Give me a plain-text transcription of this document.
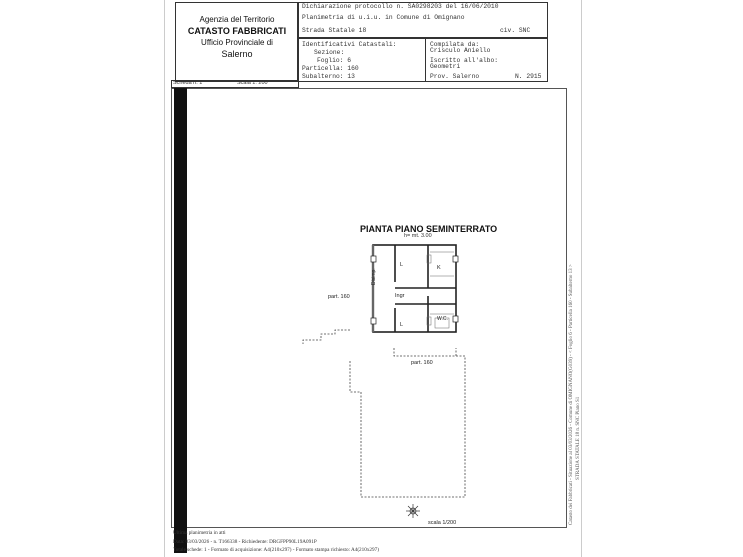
Agenzia del Territorio
CATASTO FABBRICATI
Ufficio Provinciale di
Salerno
Dichiarazione protocollo n. SA0298203 del 16/06/2010
Planimetria di u.i.u. in Comune di Omignano
Strada Statale 18	civ. SNC
Identificativi Catastali:
Sezione:
Foglio: 6
Particella: 160
Subalterno: 13
Compilata da:
Crisculo Aniello
Iscritto all'albo:
Geometri
Prov. Salerno	N. 2915
Scheda n. 1	Scala 1: 200
PIANTA PIANO SEMINTERRATO
h= mt. 3.00
part. 160
part. 160
L	K
Disimp.
Ingr
L
W.C.
scala 1/200	Catasto dei Fabbricati - Situazione al 03/03/2026 - Comune di OMIGNANO(G039) - < Foglio 6 - Particella 160 - Subalterno 13 > STRADA STATALE 18 n. SNC Piano S1
Ultima planimetria in atti
Data: 03/03/2026 - n. T166338 - Richiedente: DRGFPP90L19A091P
Totale schede: 1 - Formato di acquisizione: A4(210x297) - Formato stampa richiesto: A4(210x297)
